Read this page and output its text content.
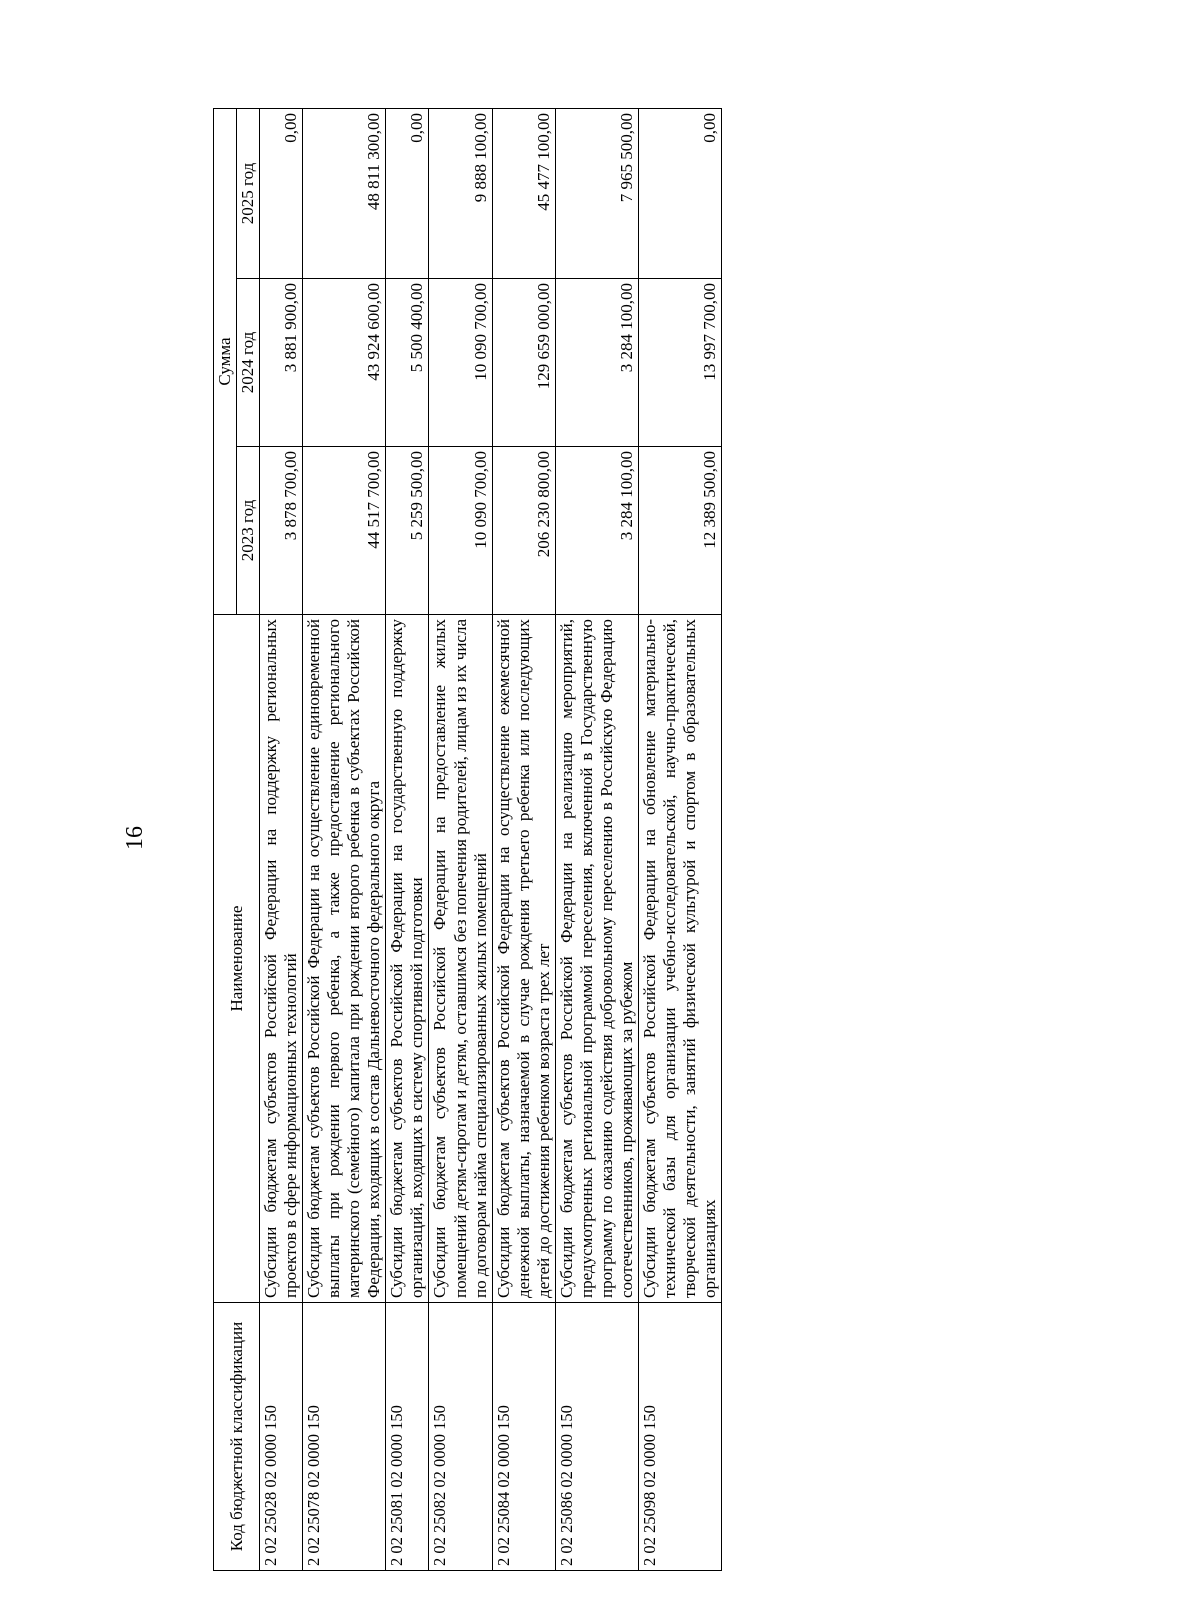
16
Код бюджетной классификации	Наименование	Сумма		
		2023 год	2024 год	2025 год
2 02 25028 02 0000 150	Субсидии бюджетам субъектов Российской Федерации на поддержку региональных проектов в сфере информационных технологий	3 878 700,00	3 881 900,00	0,00
2 02 25078 02 0000 150	Субсидии бюджетам субъектов Российской Федерации на осуществление единовременной выплаты при рождении первого ребенка, а также предоставление регионального материнского (семейного) капитала при рождении второго ребенка в субъектах Российской Федерации, входящих в состав Дальневосточного федерального округа	44 517 700,00	43 924 600,00	48 811 300,00
2 02 25081 02 0000 150	Субсидии бюджетам субъектов Российской Федерации на государственную поддержку организаций, входящих в систему спортивной подготовки	5 259 500,00	5 500 400,00	0,00
2 02 25082 02 0000 150	Субсидии бюджетам субъектов Российской Федерации на предоставление жилых помещений детям-сиротам и детям, оставшимся без попечения родителей, лицам из их числа по договорам найма специализированных жилых помещений	10 090 700,00	10 090 700,00	9 888 100,00
2 02 25084 02 0000 150	Субсидии бюджетам субъектов Российской Федерации на осуществление ежемесячной денежной выплаты, назначаемой в случае рождения третьего ребенка или последующих детей до достижения ребенком возраста трех лет	206 230 800,00	129 659 000,00	45 477 100,00
2 02 25086 02 0000 150	Субсидии бюджетам субъектов Российской Федерации на реализацию мероприятий, предусмотренных региональной программой переселения, включенной в Государственную программу по оказанию содействия добровольному переселению в Российскую Федерацию соотечественников, проживающих за рубежом	3 284 100,00	3 284 100,00	7 965 500,00
2 02 25098 02 0000 150	Субсидии бюджетам субъектов Российской Федерации на обновление материально-технической базы для организации учебно-исследовательской, научно-практической, творческой деятельности, занятий физической культурой и спортом в образовательных организациях	12 389 500,00	13 997 700,00	0,00
